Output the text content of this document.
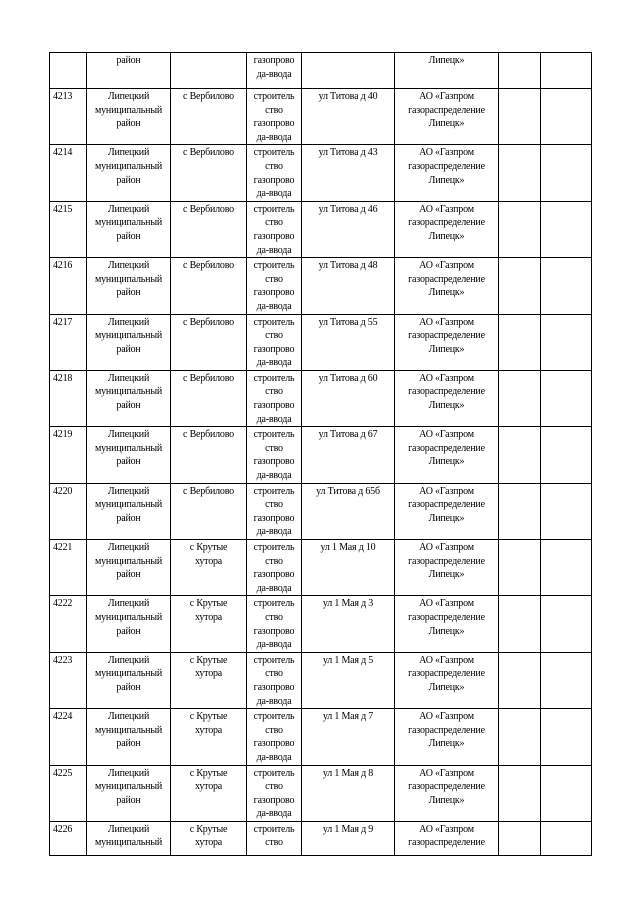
	район		газопрово
да-ввода		Липецк»		

4213	Липецкий
муниципальный
район	с Вербилово	строитель
ство
газопрово
да-ввода	ул Титова д 40	АО «Газпром
газораспределение
Липецк»		

4214	Липецкий
муниципальный
район	с Вербилово	строитель
ство
газопрово
да-ввода	ул Титова д 43	АО «Газпром
газораспределение
Липецк»		

4215	Липецкий
муниципальный
район	с Вербилово	строитель
ство
газопрово
да-ввода	ул Титова д 46	АО «Газпром
газораспределение
Липецк»		

4216	Липецкий
муниципальный
район	с Вербилово	строитель
ство
газопрово
да-ввода	ул Титова д 48	АО «Газпром
газораспределение
Липецк»		

4217	Липецкий
муниципальный
район	с Вербилово	строитель
ство
газопрово
да-ввода	ул Титова д 55	АО «Газпром
газораспределение
Липецк»		

4218	Липецкий
муниципальный
район	с Вербилово	строитель
ство
газопрово
да-ввода	ул Титова д 60	АО «Газпром
газораспределение
Липецк»		

4219	Липецкий
муниципальный
район	с Вербилово	строитель
ство
газопрово
да-ввода	ул Титова д 67	АО «Газпром
газораспределение
Липецк»		

4220	Липецкий
муниципальный
район	с Вербилово	строитель
ство
газопрово
да-ввода	ул Титова д 65б	АО «Газпром
газораспределение
Липецк»		

4221	Липецкий
муниципальный
район	с Крутые
хутора	строитель
ство
газопрово
да-ввода	ул 1 Мая д 10	АО «Газпром
газораспределение
Липецк»		

4222	Липецкий
муниципальный
район	с Крутые
хутора	строитель
ство
газопрово
да-ввода	ул 1 Мая д 3	АО «Газпром
газораспределение
Липецк»		

4223	Липецкий
муниципальный
район	с Крутые
хутора	строитель
ство
газопрово
да-ввода	ул 1 Мая д 5	АО «Газпром
газораспределение
Липецк»		

4224	Липецкий
муниципальный
район	с Крутые
хутора	строитель
ство
газопрово
да-ввода	ул 1 Мая д 7	АО «Газпром
газораспределение
Липецк»		

4225	Липецкий
муниципальный
район	с Крутые
хутора	строитель
ство
газопрово
да-ввода	ул 1 Мая д 8	АО «Газпром
газораспределение
Липецк»		

4226	Липецкий
муниципальный	с Крутые
хутора	строитель
ство	ул 1 Мая д 9	АО «Газпром
газораспределение		
